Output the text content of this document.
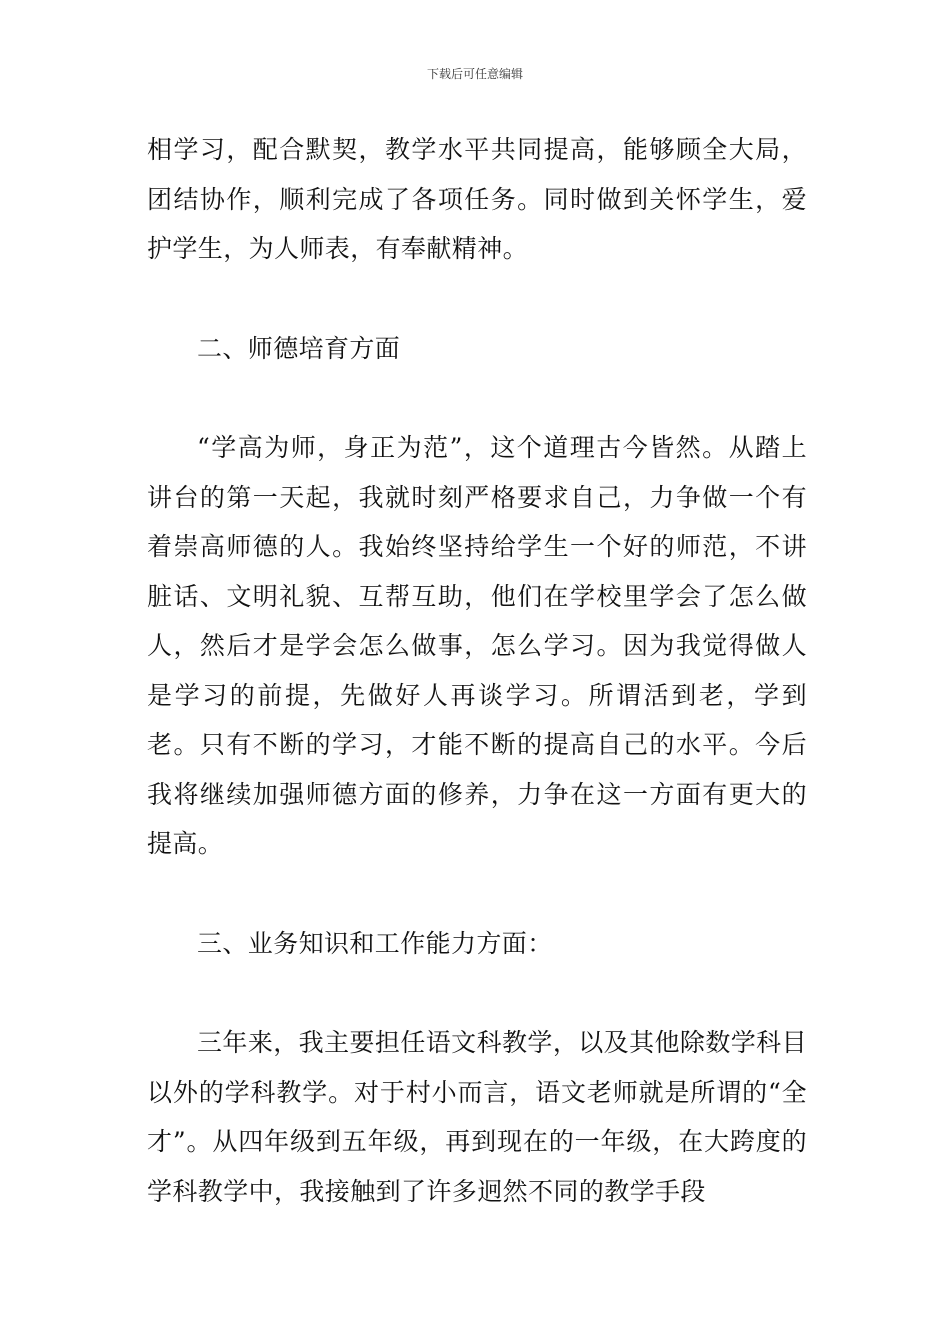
下载后可任意编辑

相学习，配合默契，教学水平共同提高，能够顾全大局，团结协作，顺利完成了各项任务。同时做到关怀学生，爱护学生，为人师表，有奉献精神。

二、师德培育方面

“学高为师，身正为范”，这个道理古今皆然。从踏上讲台的第一天起，我就时刻严格要求自己，力争做一个有着崇高师德的人。我始终坚持给学生一个好的师范，不讲脏话、文明礼貌、互帮互助，他们在学校里学会了怎么做人，然后才是学会怎么做事，怎么学习。因为我觉得做人是学习的前提，先做好人再谈学习。所谓活到老，学到老。只有不断的学习，才能不断的提高自己的水平。今后我将继续加强师德方面的修养，力争在这一方面有更大的提高。

三、业务知识和工作能力方面：

三年来，我主要担任语文科教学，以及其他除数学科目以外的学科教学。对于村小而言，语文老师就是所谓的“全才”。从四年级到五年级，再到现在的一年级，在大跨度的学科教学中，我接触到了许多迥然不同的教学手段
